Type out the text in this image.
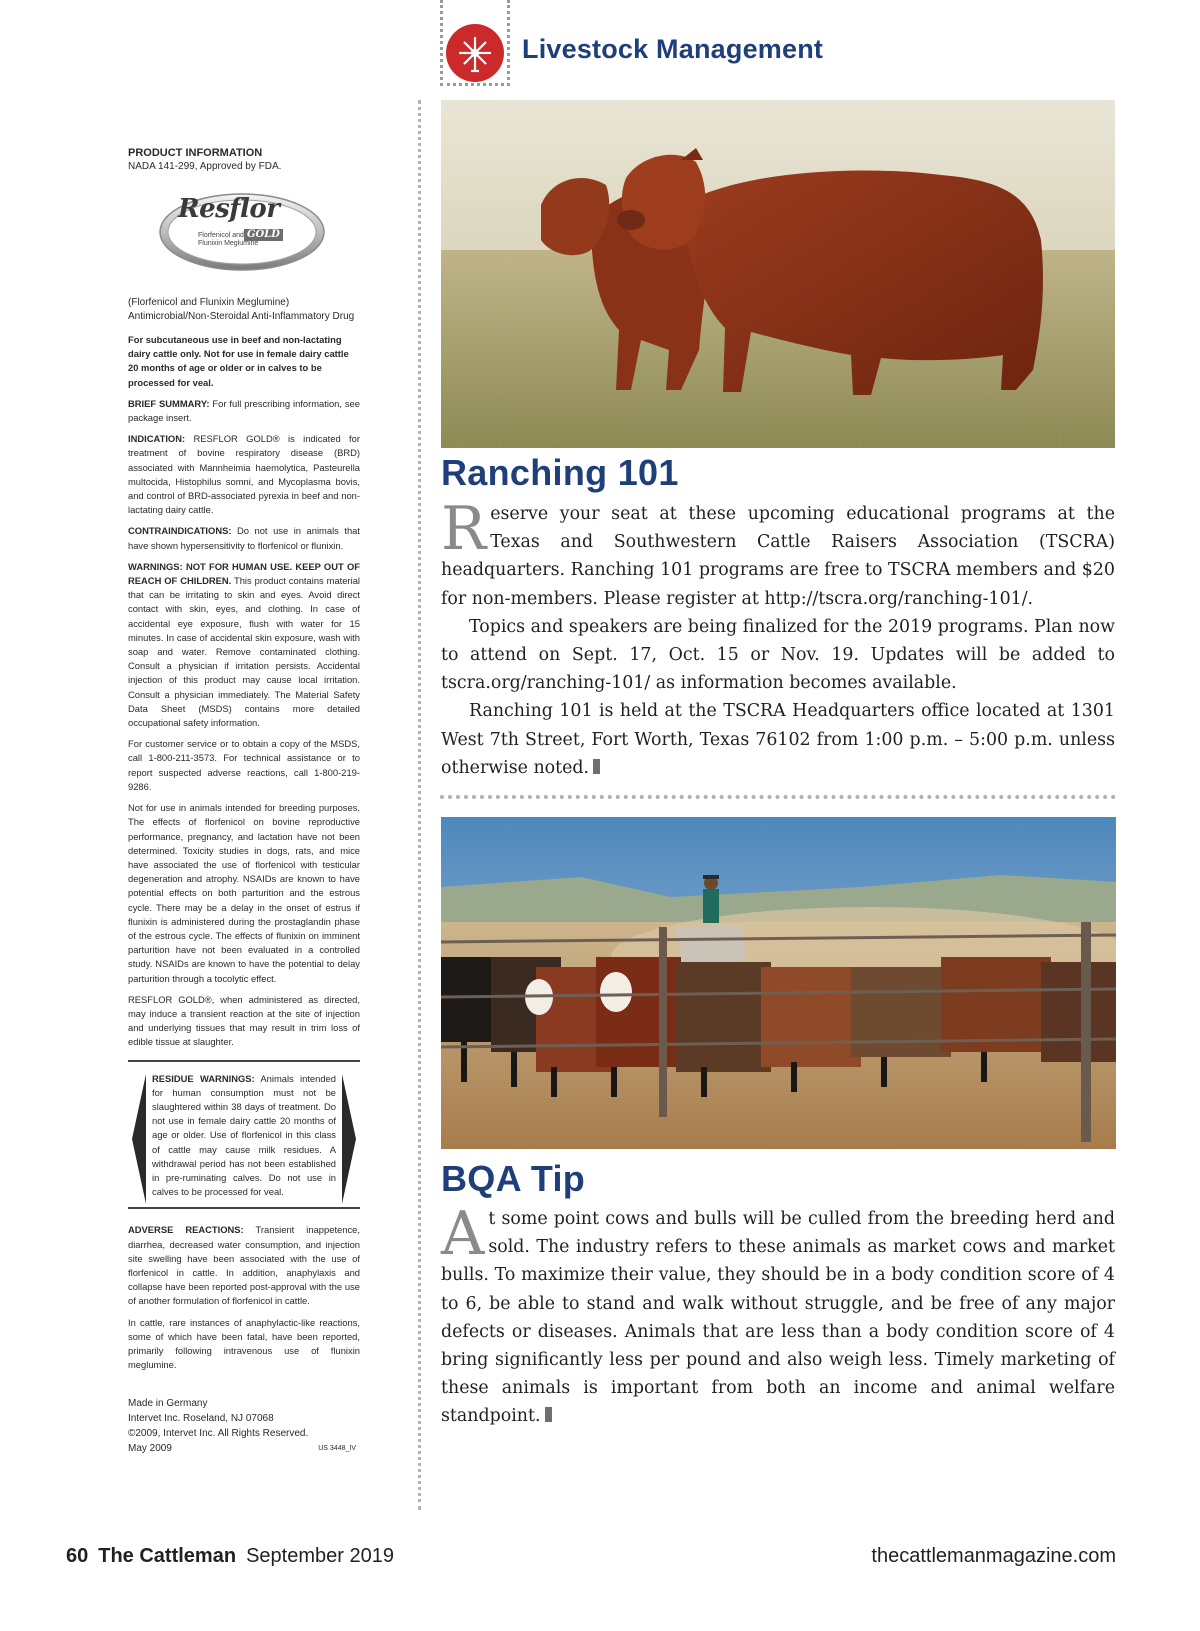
Livestock Management

PRODUCT INFORMATION

NADA 141-299, Approved by FDA.

Resflor
GOLD
Florfenicol and
Flunixin Meglumine

(Florfenicol and Flunixin Meglumine)
Antimicrobial/Non-Steroidal Anti-Inflammatory Drug

For subcutaneous use in beef and non-lactating dairy cattle only. Not for use in female dairy cattle 20 months of age or older or in calves to be processed for veal.

BRIEF SUMMARY: For full prescribing information, see package insert.

INDICATION: RESFLOR GOLD® is indicated for treatment of bovine respiratory disease (BRD) associated with Mannheimia haemolytica, Pasteurella multocida, Histophilus somni, and Mycoplasma bovis, and control of BRD-associated pyrexia in beef and non-lactating dairy cattle.

CONTRAINDICATIONS: Do not use in animals that have shown hypersensitivity to florfenicol or flunixin.

WARNINGS: NOT FOR HUMAN USE. KEEP OUT OF REACH OF CHILDREN. This product contains material that can be irritating to skin and eyes. Avoid direct contact with skin, eyes, and clothing. In case of accidental eye exposure, flush with water for 15 minutes. In case of accidental skin exposure, wash with soap and water. Remove contaminated clothing. Consult a physician if irritation persists. Accidental injection of this product may cause local irritation. Consult a physician immediately. The Material Safety Data Sheet (MSDS) contains more detailed occupational safety information.

For customer service or to obtain a copy of the MSDS, call 1-800-211-3573. For technical assistance or to report suspected adverse reactions, call 1-800-219-9286.

Not for use in animals intended for breeding purposes. The effects of florfenicol on bovine reproductive performance, pregnancy, and lactation have not been determined. Toxicity studies in dogs, rats, and mice have associated the use of florfenicol with testicular degeneration and atrophy. NSAIDs are known to have potential effects on both parturition and the estrous cycle. There may be a delay in the onset of estrus if flunixin is administered during the prostaglandin phase of the estrous cycle. The effects of flunixin on imminent parturition have not been evaluated in a controlled study. NSAIDs are known to have the potential to delay parturition through a tocolytic effect.

RESFLOR GOLD®, when administered as directed, may induce a transient reaction at the site of injection and underlying tissues that may result in trim loss of edible tissue at slaughter.

RESIDUE WARNINGS: Animals intended for human consumption must not be slaughtered within 38 days of treatment. Do not use in female dairy cattle 20 months of age or older. Use of florfenicol in this class of cattle may cause milk residues. A withdrawal period has not been established in pre-ruminating calves. Do not use in calves to be processed for veal.

ADVERSE REACTIONS: Transient inappetence, diarrhea, decreased water consumption, and injection site swelling have been associated with the use of florfenicol in cattle. In addition, anaphylaxis and collapse have been reported post-approval with the use of another formulation of florfenicol in cattle.

In cattle, rare instances of anaphylactic-like reactions, some of which have been fatal, have been reported, primarily following intravenous use of flunixin meglumine.

Made in Germany
Intervet Inc. Roseland, NJ 07068
©2009, Intervet Inc. All Rights Reserved.
May 2009	US 3448_IV
Ranching 101

Reserve your seat at these upcoming educational programs at the Texas and Southwestern Cattle Raisers Association (TSCRA) headquarters. Ranching 101 programs are free to TSCRA members and $20 for non-members. Please register at http://tscra.org/ranching-101/.

Topics and speakers are being finalized for the 2019 programs. Plan now to attend on Sept. 17, Oct. 15 or Nov. 19. Updates will be added to tscra.org/ranching-101/ as information becomes available.

Ranching 101 is held at the TSCRA Headquarters office located at 1301 West 7th Street, Fort Worth, Texas 76102 from 1:00 p.m. – 5:00 p.m. unless otherwise noted.

BQA Tip

At some point cows and bulls will be culled from the breeding herd and sold. The industry refers to these animals as market cows and market bulls. To maximize their value, they should be in a body condition score of 4 to 6, be able to stand and walk without struggle, and be free of any major defects or diseases. Animals that are less than a body condition score of 4 bring significantly less per pound and also weigh less. Timely marketing of these animals is important from both an income and animal welfare standpoint.

60 The Cattleman September 2019	thecattlemanmagazine.com
